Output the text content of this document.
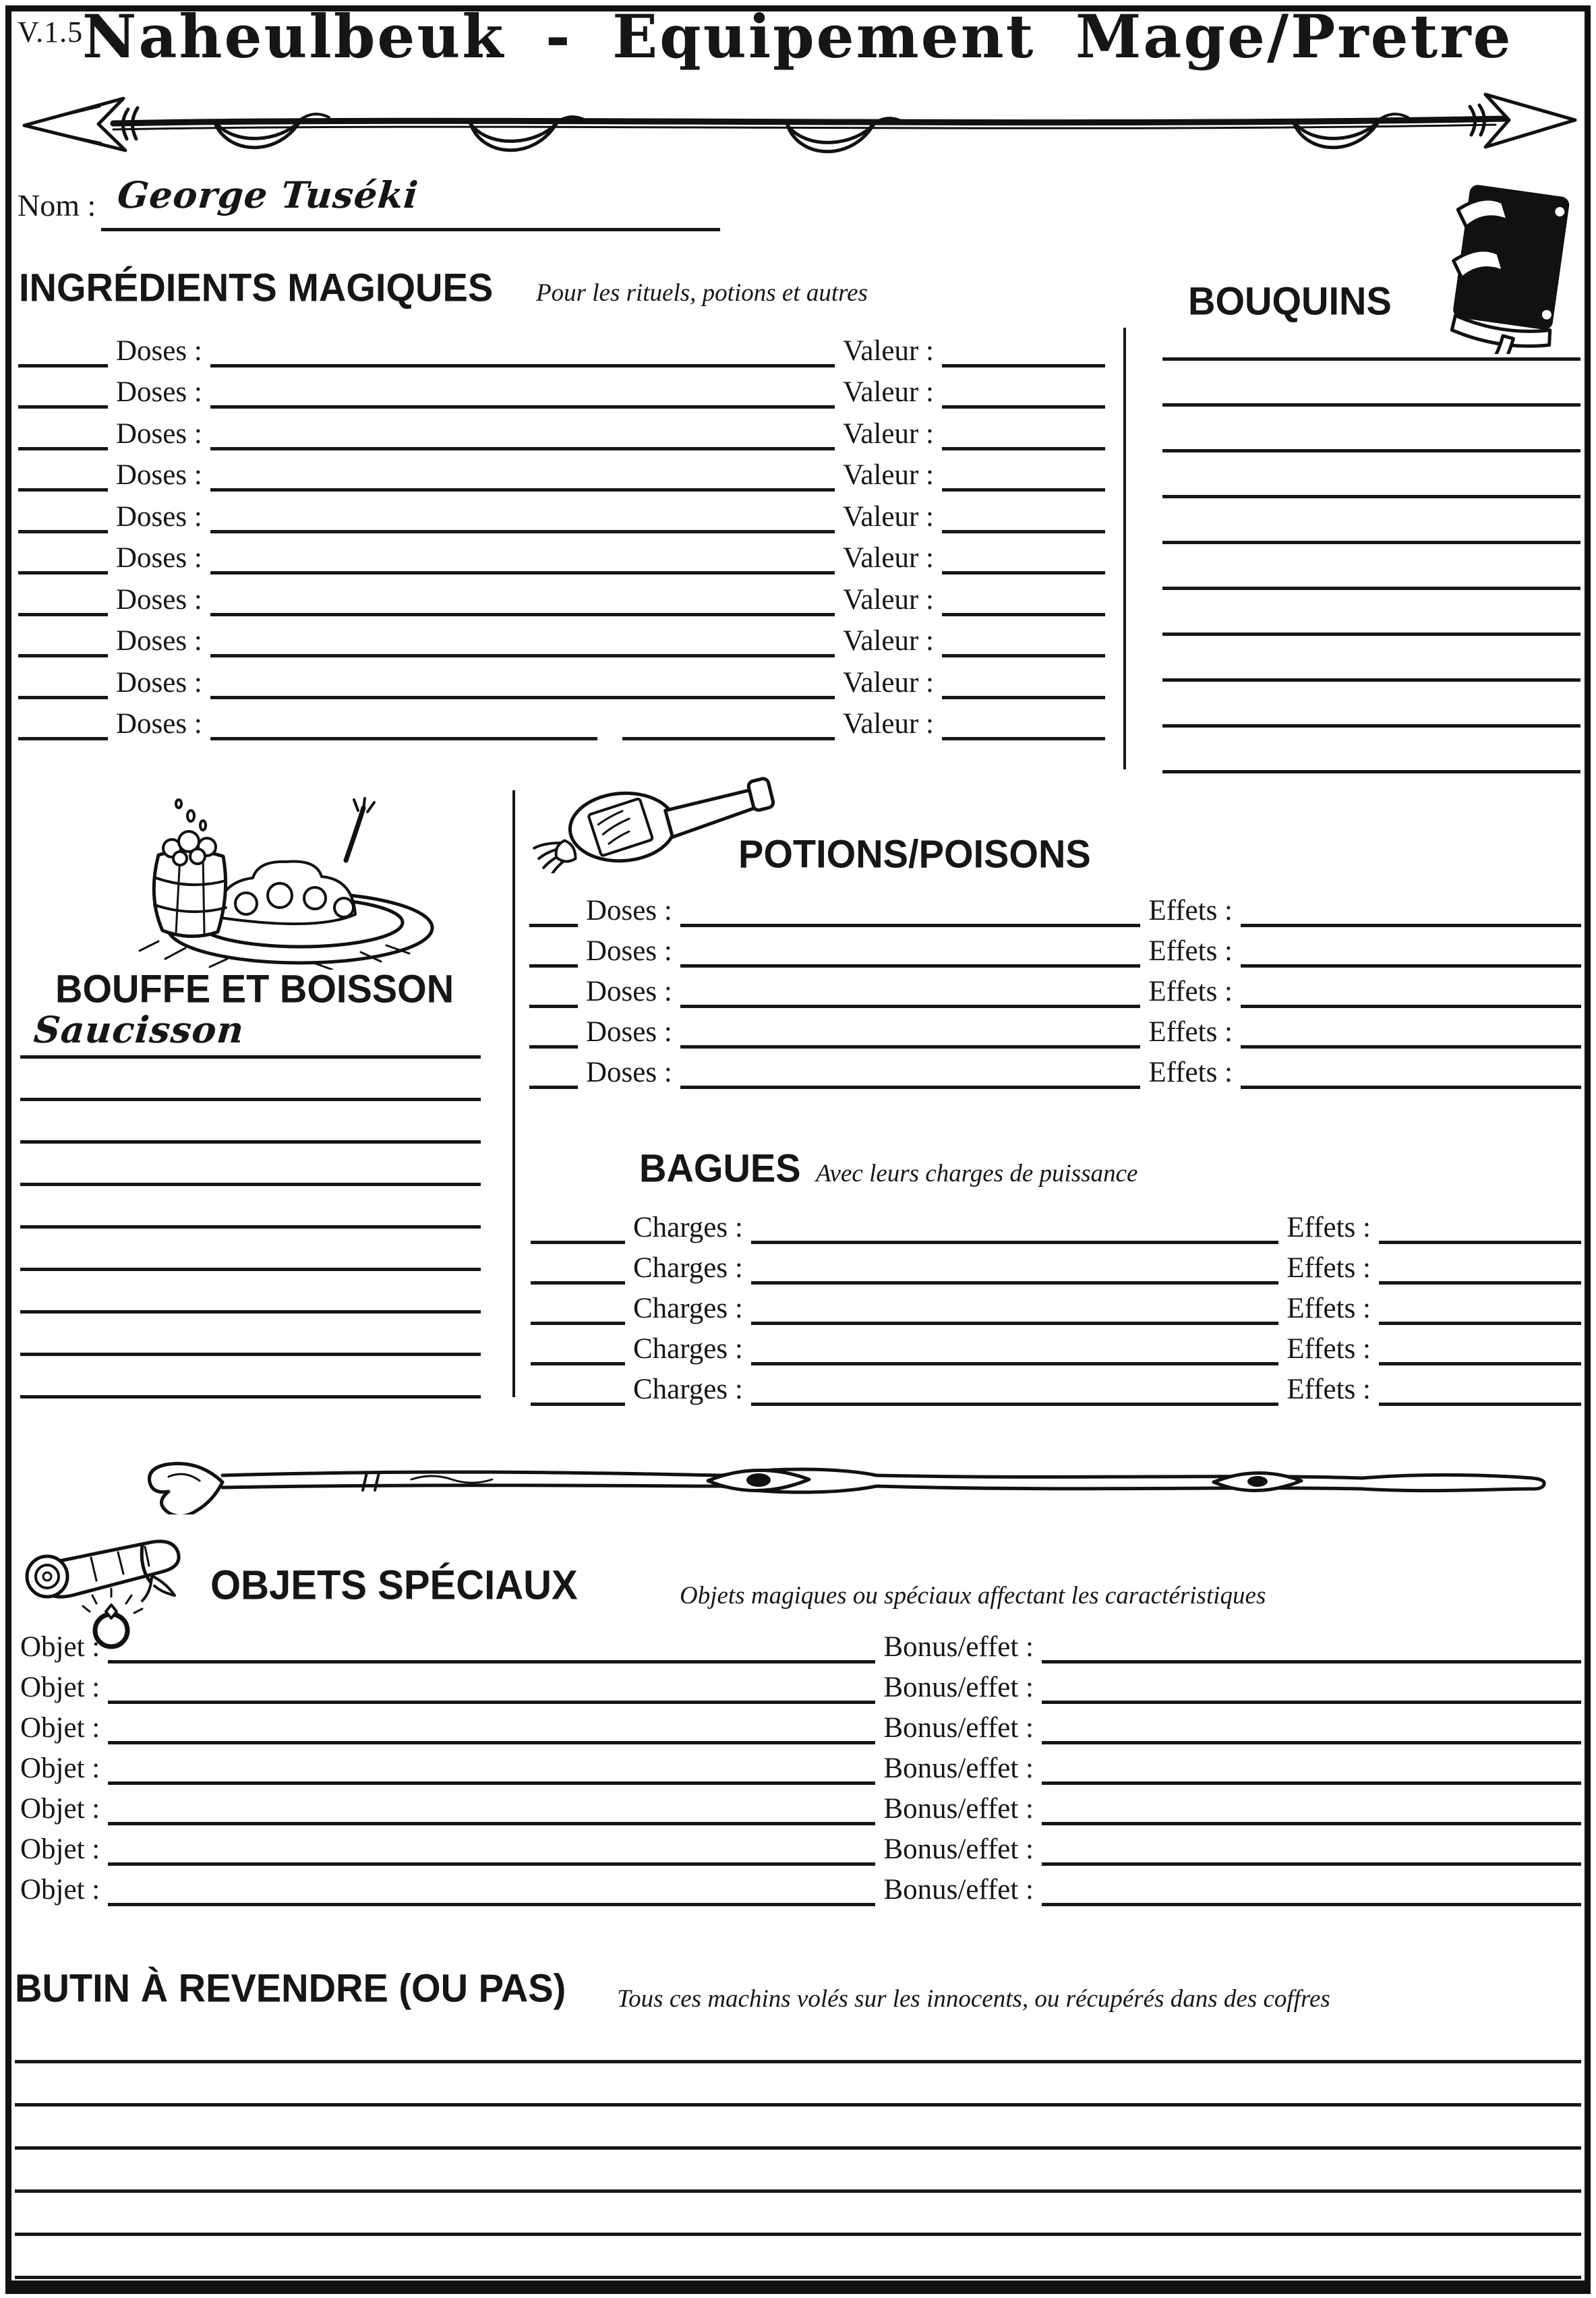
V.1.5
Naheulbeuk - Equipement Mage/Pretre
Nom : George Tuséki
INGRÉDIENTS MAGIQUES Pour les rituels, potions et autres	BOUQUINS
Doses :	Valeur :
Doses :	Valeur :
Doses :	Valeur :
Doses :	Valeur :
Doses :	Valeur :
Doses :	Valeur :
Doses :	Valeur :
Doses :	Valeur :
Doses :	Valeur :
Doses :	Valeur :
BOUFFE ET BOISSON
Saucisson
POTIONS/POISONS
Doses :	Effets :
Doses :	Effets :
Doses :	Effets :
Doses :	Effets :
Doses :	Effets :
BAGUES Avec leurs charges de puissance
Charges :	Effets :
Charges :	Effets :
Charges :	Effets :
Charges :	Effets :
Charges :	Effets :
OBJETS SPÉCIAUX	Objets magiques ou spéciaux affectant les caractéristiques
Objet :	Bonus/effet :
Objet :	Bonus/effet :
Objet :	Bonus/effet :
Objet :	Bonus/effet :
Objet :	Bonus/effet :
Objet :	Bonus/effet :
Objet :	Bonus/effet :
BUTIN À REVENDRE (OU PAS) Tous ces machins volés sur les innocents, ou récupérés dans des coffres
